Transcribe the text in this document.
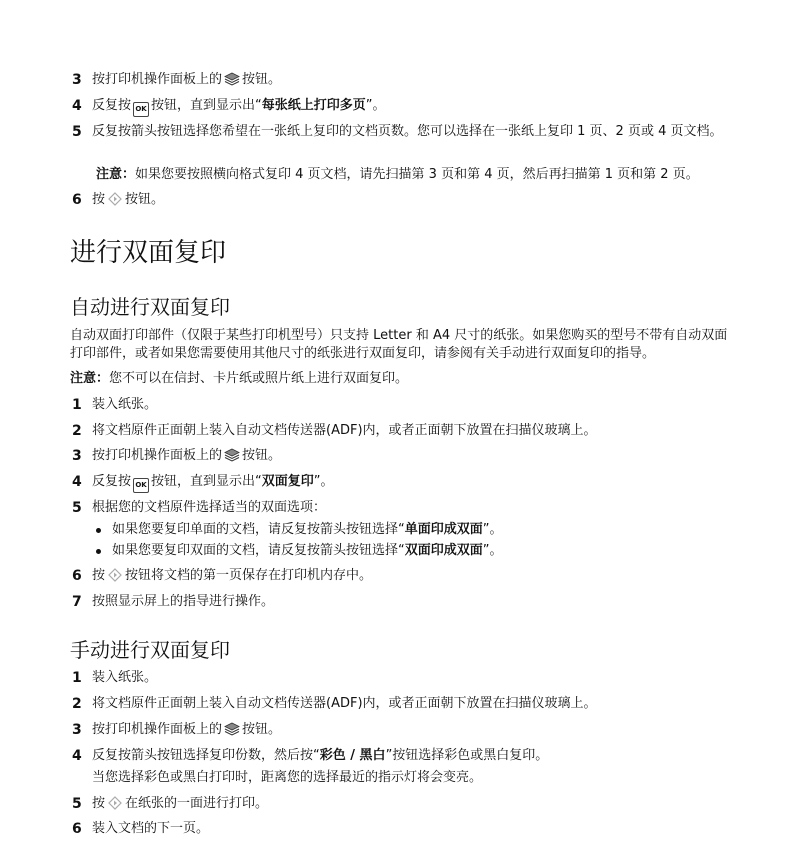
3 按打印机操作面板上的 按钮。
4 反复按 OK 按钮，直到显示出“每张纸上打印多页”。
5 反复按箭头按钮选择您希望在一张纸上复印的文档页数。您可以选择在一张纸上复印 1 页、2 页或 4 页文档。
注意：如果您要按照横向格式复印 4 页文档，请先扫描第 3 页和第 4 页，然后再扫描第 1 页和第 2 页。
6 按 按钮。
进行双面复印
自动进行双面复印
自动双面打印部件（仅限于某些打印机型号）只支持 Letter 和 A4 尺寸的纸张。如果您购买的型号不带有自动双面打印部件，或者如果您需要使用其他尺寸的纸张进行双面复印，请参阅有关手动进行双面复印的指导。
注意：您不可以在信封、卡片纸或照片纸上进行双面复印。
1 装入纸张。
2 将文档原件正面朝上装入自动文档传送器(ADF)内，或者正面朝下放置在扫描仪玻璃上。
3 按打印机操作面板上的 按钮。
4 反复按 OK 按钮，直到显示出“双面复印”。
5 根据您的文档原件选择适当的双面选项：
如果您要复印单面的文档，请反复按箭头按钮选择“单面印成双面”。
如果您要复印双面的文档，请反复按箭头按钮选择“双面印成双面”。
6 按 按钮将文档的第一页保存在打印机内存中。
7 按照显示屏上的指导进行操作。
手动进行双面复印
1 装入纸张。
2 将文档原件正面朝上装入自动文档传送器(ADF)内，或者正面朝下放置在扫描仪玻璃上。
3 按打印机操作面板上的 按钮。
4 反复按箭头按钮选择复印份数，然后按“彩色 / 黑白”按钮选择彩色或黑白复印。
当您选择彩色或黑白打印时，距离您的选择最近的指示灯将会变亮。
5 按 在纸张的一面进行打印。
6 装入文档的下一页。
